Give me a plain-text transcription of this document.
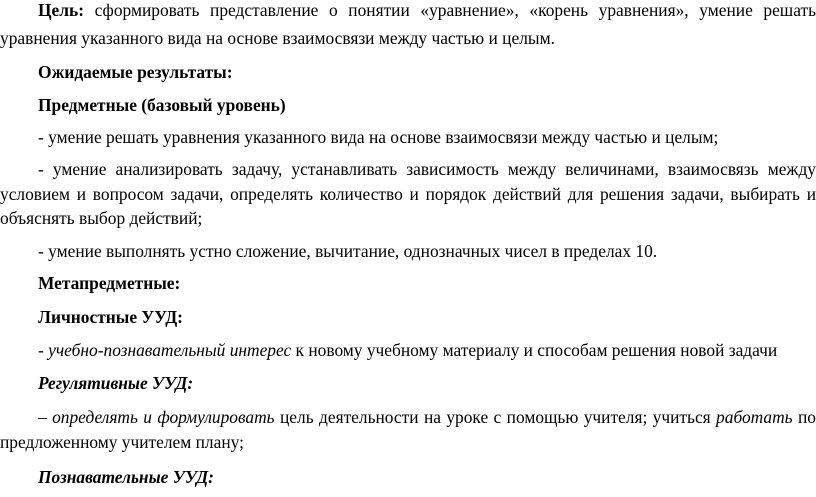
Цель: сформировать представление о понятии «уравнение», «корень уравнения», умение решать
уравнения указанного вида на основе взаимосвязи между частью и целым.
Ожидаемые результаты:
Предметные (базовый уровень)
- умение решать уравнения указанного вида на основе взаимосвязи между частью и целым;
- умение анализировать задачу, устанавливать зависимость между величинами, взаимосвязь между
условием и вопросом задачи, определять количество и порядок действий для решения задачи, выбирать и
объяснять выбор действий;
- умение выполнять устно сложение, вычитание, однозначных чисел в пределах 10.
Метапредметные:
Личностные УУД:
- учебно-познавательный интерес к новому учебному материалу и способам решения новой задачи
Регулятивные УУД:
– определять и формулировать цель деятельности на уроке с помощью учителя; учиться работать по
предложенному учителем плану;
Познавательные УУД:
